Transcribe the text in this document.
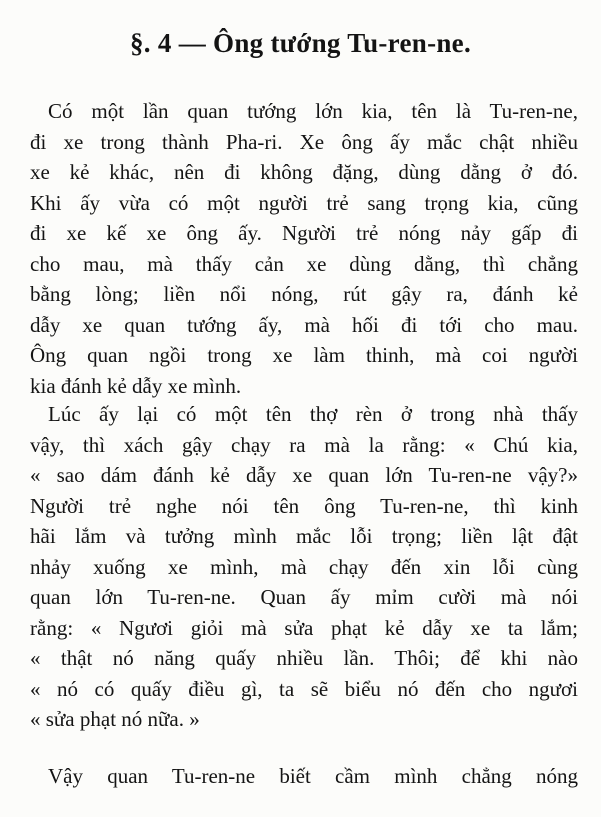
§. 4 — Ông tướng Tu-ren-ne.
Có một lần quan tướng lớn kia, tên là Tu-ren-ne,
đi xe trong thành Pha-ri. Xe ông ấy mắc chật nhiều
xe kẻ khác, nên đi không đặng, dùng dằng ở đó.
Khi ấy vừa có một người trẻ sang trọng kia, cũng
đi xe kế xe ông ấy. Người trẻ nóng nảy gấp đi
cho mau, mà thấy cản xe dùng dằng, thì chẳng
bằng lòng; liền nổi nóng, rút gậy ra, đánh kẻ
dẫy xe quan tướng ấy, mà hối đi tới cho mau.
Ông quan ngồi trong xe làm thinh, mà coi người
kia đánh kẻ dẫy xe mình.
Lúc ấy lại có một tên thợ rèn ở trong nhà thấy
vậy, thì xách gậy chạy ra mà la rằng: « Chú kia,
« sao dám đánh kẻ dẫy xe quan lớn Tu-ren-ne vậy?»
Người trẻ nghe nói tên ông Tu-ren-ne, thì kinh
hãi lắm và tưởng mình mắc lỗi trọng; liền lật đật
nhảy xuống xe mình, mà chạy đến xin lỗi cùng
quan lớn Tu-ren-ne. Quan ấy mỉm cười mà nói
rằng: « Ngươi giỏi mà sửa phạt kẻ dẫy xe ta lắm;
« thật nó năng quấy nhiều lần. Thôi; để khi nào
« nó có quấy điều gì, ta sẽ biểu nó đến cho ngươi
« sửa phạt nó nữa. »
Vậy quan Tu-ren-ne biết cầm mình chẳng nóng
